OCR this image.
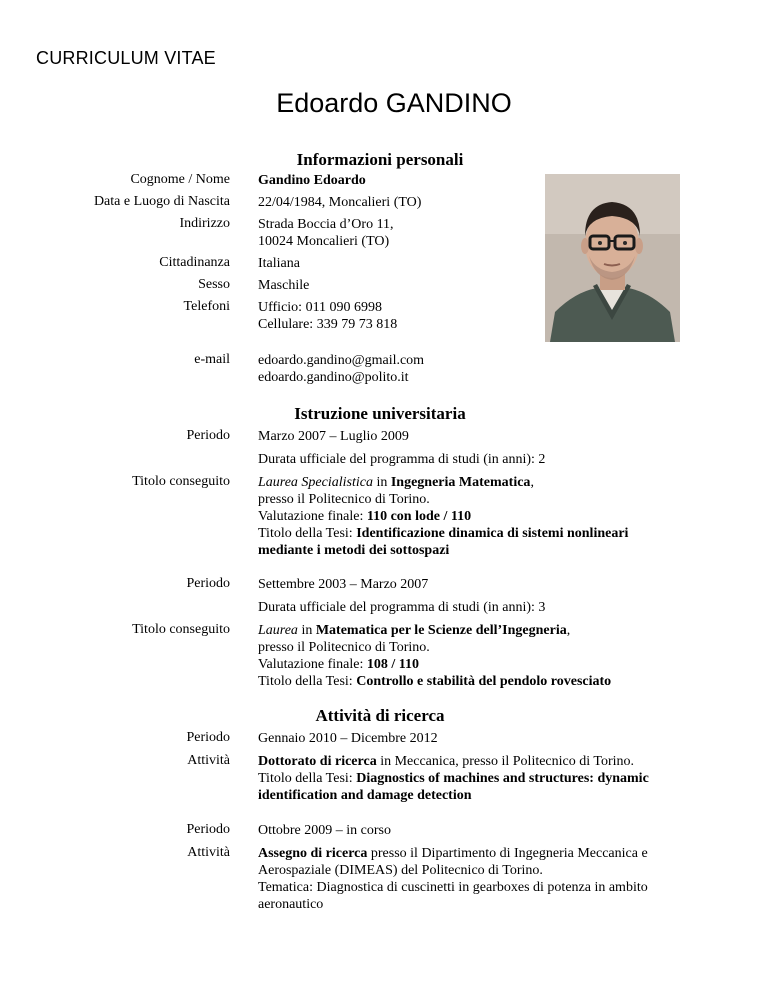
CURRICULUM VITAE
Edoardo GANDINO
Informazioni personali
Cognome / Nome Gandino Edoardo
Data e Luogo di Nascita 22/04/1984, Moncalieri (TO)
Indirizzo Strada Boccia d’Oro 11,
10024 Moncalieri (TO)
Cittadinanza Italiana
Sesso Maschile
Telefoni Ufficio: 011 090 6998
Cellulare: 339 79 73 818
e-mail edoardo.gandino@gmail.com
edoardo.gandino@polito.it
Istruzione universitaria
Periodo Marzo 2007 – Luglio 2009
Durata ufficiale del programma di studi (in anni): 2
Titolo conseguito Laurea Specialistica in Ingegneria Matematica,
presso il Politecnico di Torino.
Valutazione finale: 110 con lode / 110
Titolo della Tesi: Identificazione dinamica di sistemi nonlineari
mediante i metodi dei sottospazi
Periodo Settembre 2003 – Marzo 2007
Durata ufficiale del programma di studi (in anni): 3
Titolo conseguito Laurea in Matematica per le Scienze dell’Ingegneria,
presso il Politecnico di Torino.
Valutazione finale: 108 / 110
Titolo della Tesi: Controllo e stabilità del pendolo rovesciato
Attività di ricerca
Periodo Gennaio 2010 – Dicembre 2012
Attività Dottorato di ricerca in Meccanica, presso il Politecnico di Torino.
Titolo della Tesi: Diagnostics of machines and structures: dynamic
identification and damage detection
Periodo Ottobre 2009 – in corso
Attività Assegno di ricerca presso il Dipartimento di Ingegneria Meccanica e
Aerospaziale (DIMEAS) del Politecnico di Torino.
Tematica: Diagnostica di cuscinetti in gearboxes di potenza in ambito
aeronautico
